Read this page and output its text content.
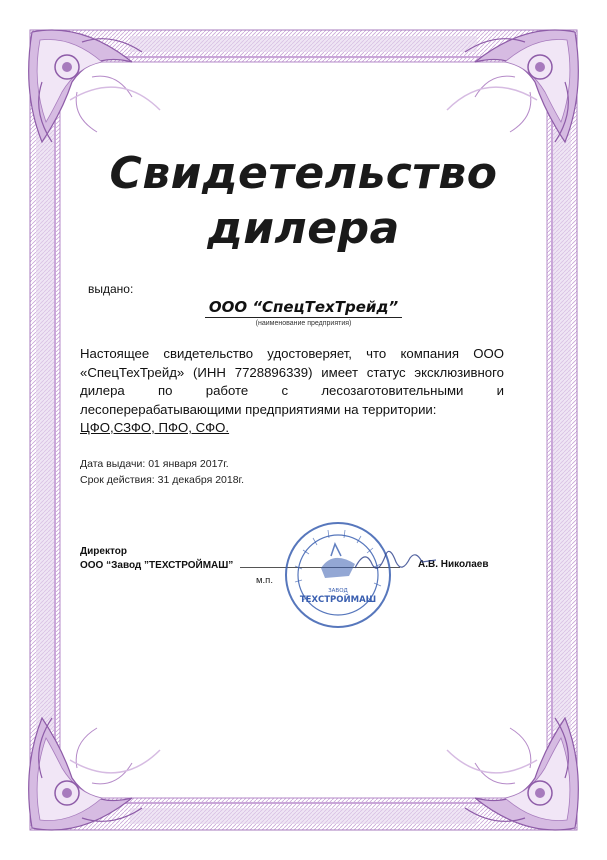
Свидетельство
дилера
выдано:
ООО “СпецТехТрейд”
(наименование предприятия)

Настоящее свидетельство удостоверяет, что компания ООО «СпецТехТрейд» (ИНН 7728896339) имеет статус эксклюзивного дилера по работе с лесозаготовительными и лесоперерабатывающими предприятиями на территории:

ЦФО,СЗФО, ПФО, СФО.

Дата выдачи: 01 января 2017г.
Срок действия: 31 декабря 2018г.
Директор
ООО “Завод ”ТЕХСТРОЙМАШ”
м.п.
А.В. Николаев
ЗАВОД
ТЕХСТРОЙМАШ
